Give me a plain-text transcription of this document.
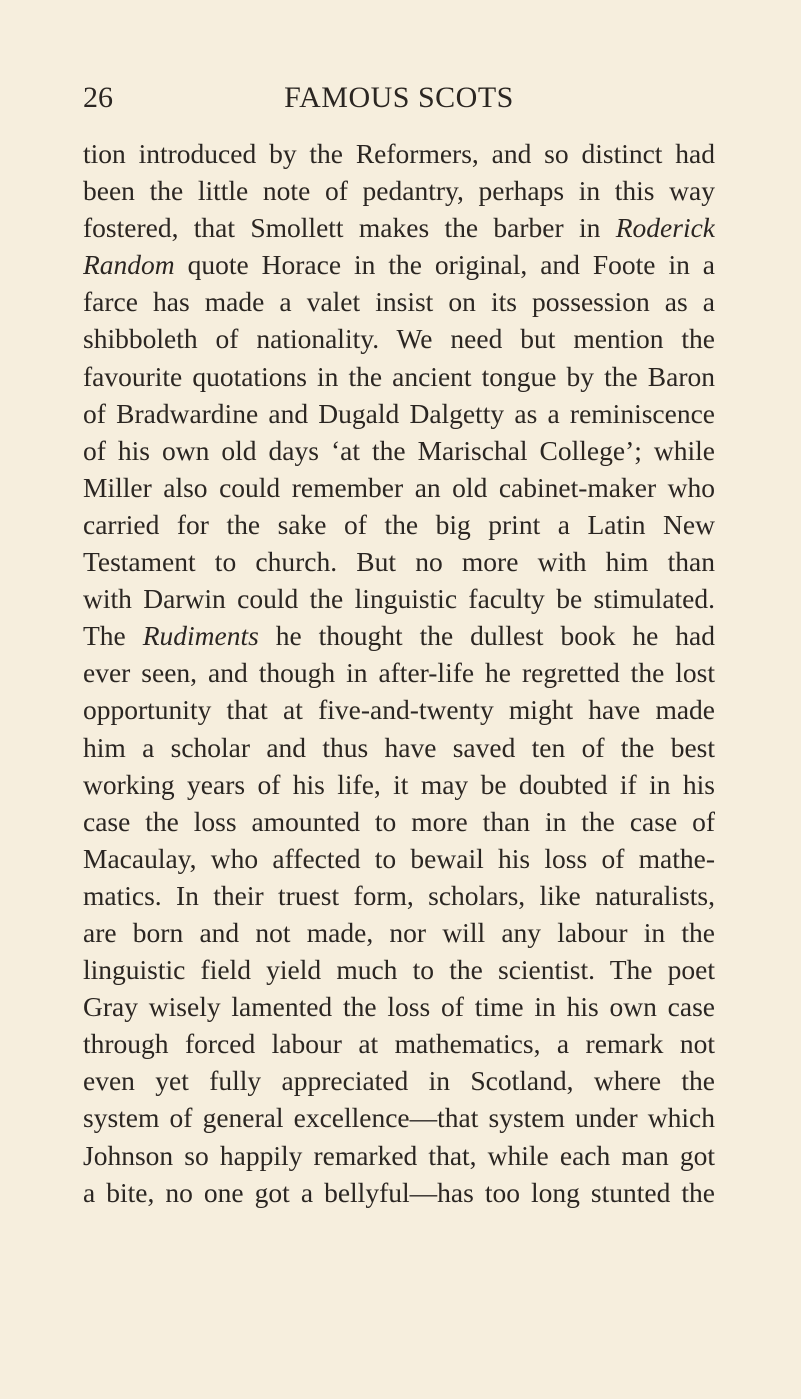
26	FAMOUS SCOTS
tion introduced by the Reformers, and so distinct had
been the little note of pedantry, perhaps in this way
fostered, that Smollett makes the barber in Roderick
Random quote Horace in the original, and Foote in a
farce has made a valet insist on its possession as a
shibboleth of nationality. We need but mention the
favourite quotations in the ancient tongue by the Baron
of Bradwardine and Dugald Dalgetty as a reminiscence
of his own old days ‘at the Marischal College’; while
Miller also could remember an old cabinet-maker who
carried for the sake of the big print a Latin New
Testament to church. But no more with him than
with Darwin could the linguistic faculty be stimulated.
The Rudiments he thought the dullest book he had
ever seen, and though in after-life he regretted the lost
opportunity that at five-and-twenty might have made
him a scholar and thus have saved ten of the best
working years of his life, it may be doubted if in his
case the loss amounted to more than in the case of
Macaulay, who affected to bewail his loss of mathe-
matics. In their truest form, scholars, like naturalists,
are born and not made, nor will any labour in the
linguistic field yield much to the scientist. The poet
Gray wisely lamented the loss of time in his own case
through forced labour at mathematics, a remark not
even yet fully appreciated in Scotland, where the
system of general excellence—that system under which
Johnson so happily remarked that, while each man got
a bite, no one got a bellyful—has too long stunted the
